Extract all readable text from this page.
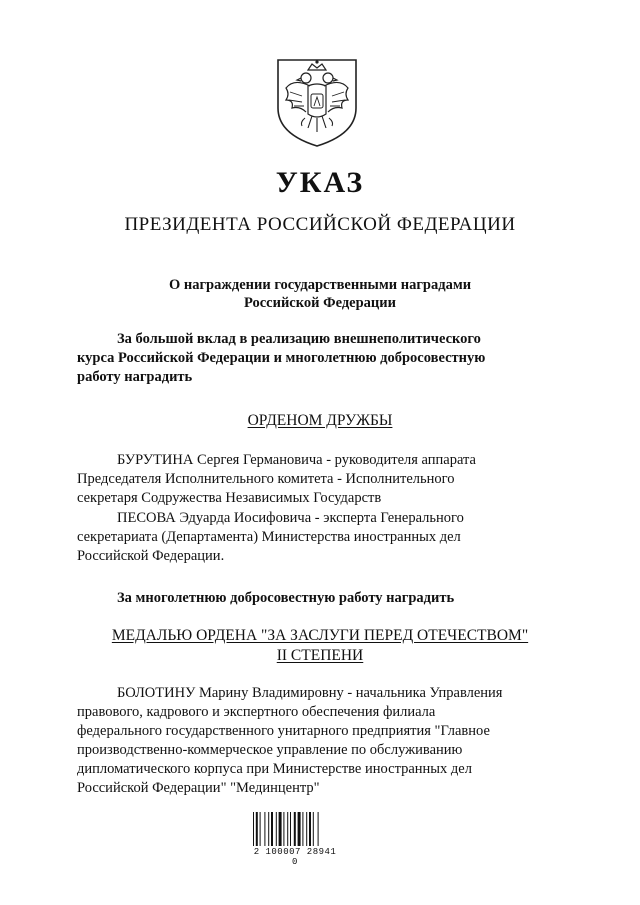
УКАЗ
ПРЕЗИДЕНТА РОССИЙСКОЙ ФЕДЕРАЦИИ
О награждении государственными наградами
Российской Федерации
За большой вклад в реализацию внешнеполитического
курса Российской Федерации и многолетнюю добросовестную
работу наградить
ОРДЕНОМ ДРУЖБЫ
БУРУТИНА Сергея Германовича - руководителя аппарата
Председателя Исполнительного комитета - Исполнительного
секретаря Содружества Независимых Государств
ПЕСОВА Эдуарда Иосифовича - эксперта Генерального
секретариата (Департамента) Министерства иностранных дел
Российской Федерации.
За многолетнюю добросовестную работу наградить
МЕДАЛЬЮ ОРДЕНА "ЗА ЗАСЛУГИ ПЕРЕД ОТЕЧЕСТВОМ"
II СТЕПЕНИ
БОЛОТИНУ Марину Владимировну - начальника Управления
правового, кадрового и экспертного обеспечения филиала
федерального государственного унитарного предприятия "Главное
производственно-коммерческое управление по обслуживанию
дипломатического корпуса при Министерстве иностранных дел
Российской Федерации" "Мединцентр"
2 100007 28941 0
